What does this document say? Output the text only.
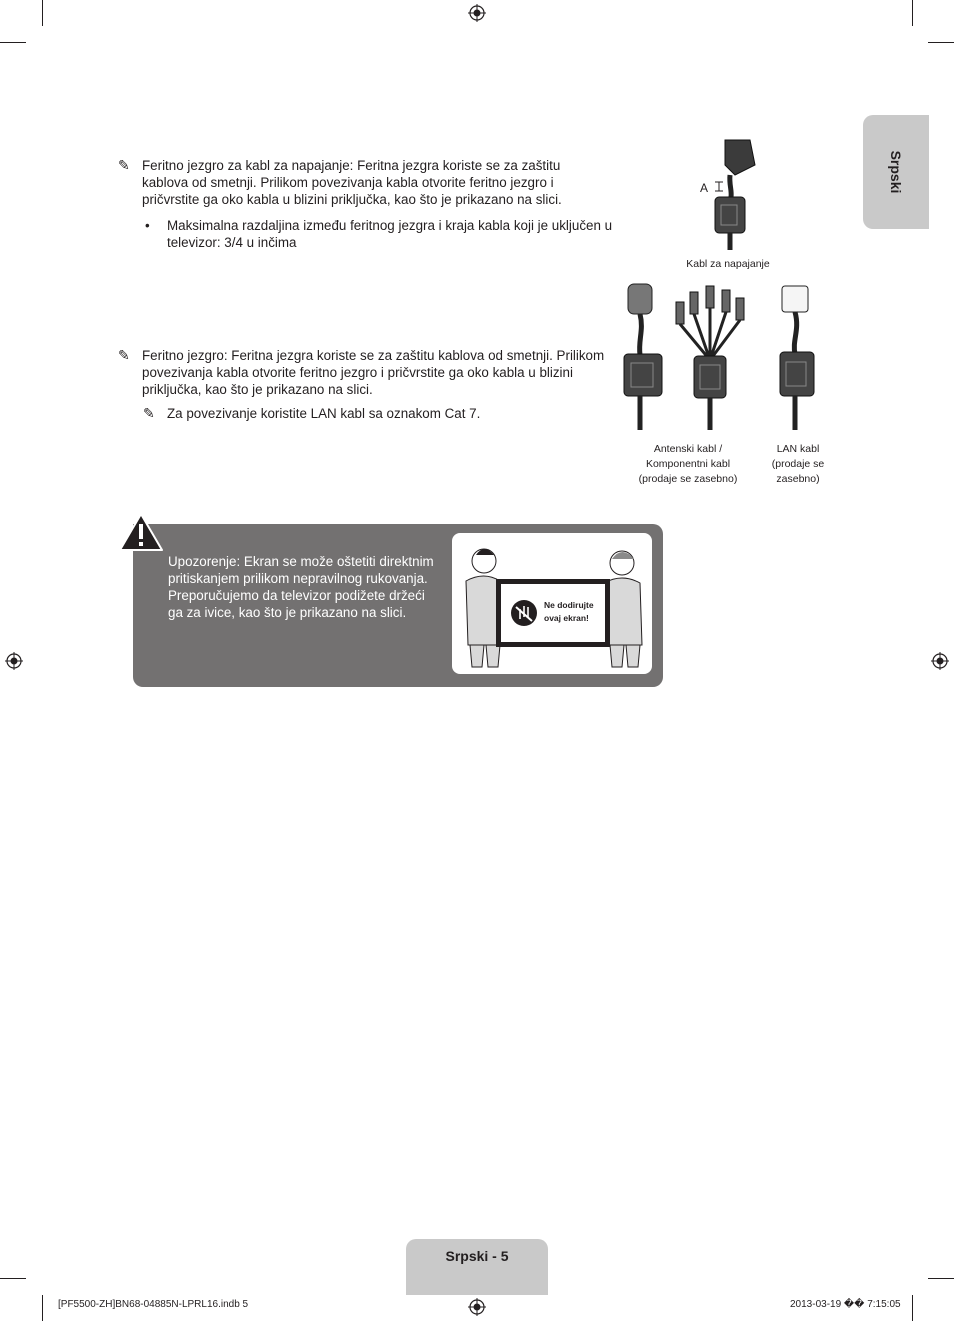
Srpski
✎ Feritno jezgro za kabl za napajanje: Feritna jezgra koriste se za zaštitu kablova od smetnji. Prilikom povezivanja kabla otvorite feritno jezgro i pričvrstite ga oko kabla u blizini priključka, kao što je prikazano na slici.
• Maksimalna razdaljina između feritnog jezgra i kraja kabla koji je uključen u televizor: 3/4 u inčima
✎ Feritno jezgro: Feritna jezgra koriste se za zaštitu kablova od smetnji. Prilikom povezivanja kabla otvorite feritno jezgro i pričvrstite ga oko kabla u blizini priključka, kao što je prikazano na slici.
✎ Za povezivanje koristite LAN kabl sa oznakom Cat 7.
A
Kabl za napajanje
Antenski kabl /
Komponentni kabl
(prodaje se zasebno)
LAN kabl
(prodaje se
zasebno)
Upozorenje: Ekran se može oštetiti direktnim pritiskanjem prilikom nepravilnog rukovanja. Preporučujemo da televizor podižete držeći ga za ivice, kao što je prikazano na slici.	Ne dodirujte
ovaj ekran!
Srpski - 5
[PF5500-ZH]BN68-04885N-LPRL16.indb 5	2013-03-19 �� 7:15:05
